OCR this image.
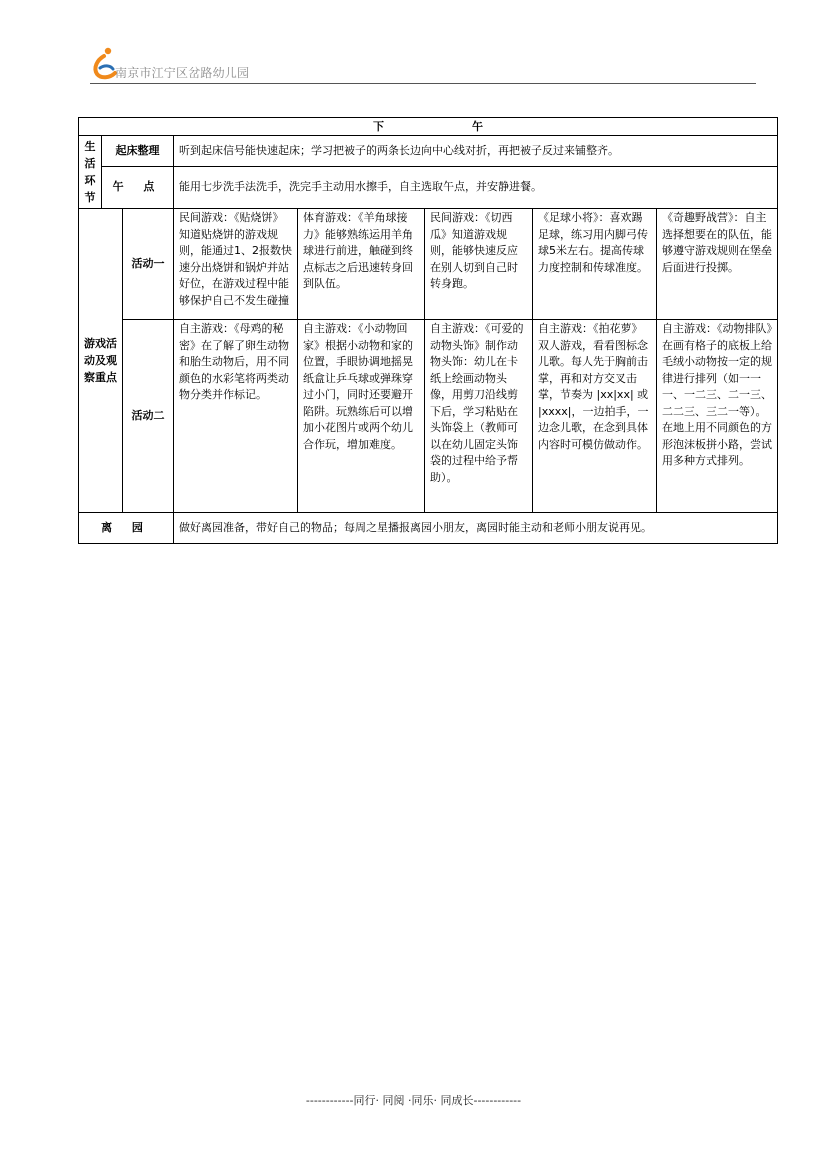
南京市江宁区岔路幼儿园
下午							
生活环节	起床整理		听到起床信号能快速起床；学习把被子的两条长边向中心线对折，再把被子反过来铺整齐。				
	午 点		能用七步洗手法洗手，洗完手主动用水擦手，自主选取午点，并安静进餐。				
游戏活动及观察重点		活动一	民间游戏：《贴烧饼》知道贴烧饼的游戏规则，能通过1、2报数快速分出烧饼和锅炉并站好位，在游戏过程中能够保护自己不发生碰撞	体育游戏：《羊角球接力》能够熟练运用羊角球进行前进，触碰到终点标志之后迅速转身回到队伍。	民间游戏：《切西瓜》知道游戏规则，能够快速反应在别人切到自己时转身跑。	《足球小将》：喜欢踢足球，练习用内脚弓传球5米左右。提高传球力度控制和传球准度。	《奇趣野战营》：自主选择想要在的队伍，能够遵守游戏规则在堡垒后面进行投掷。
		活动二	自主游戏：《母鸡的秘密》在了解了卵生动物和胎生动物后，用不同颜色的水彩笔将两类动物分类并作标记。	自主游戏：《小动物回家》根据小动物和家的位置，手眼协调地摇晃纸盒让乒乓球或弹珠穿过小门，同时还要避开陷阱。玩熟练后可以增加小花图片或两个幼儿合作玩，增加难度。	自主游戏：《可爱的动物头饰》制作动物头饰：幼儿在卡纸上绘画动物头像，用剪刀沿线剪下后，学习粘贴在头饰袋上（教师可以在幼儿固定头饰袋的过程中给予帮助）。	自主游戏：《拍花萝》双人游戏，看看图标念儿歌。每人先于胸前击掌，再和对方交叉击掌，节奏为 |xx|xx| 或 |xxxx|，一边拍手，一边念儿歌，在念到具体内容时可模仿做动作。	自主游戏：《动物排队》在画有格子的底板上给毛绒小动物按一定的规律进行排列（如一一一、一二三、二一三、二二三、三二一等）。在地上用不同颜色的方形泡沫板拼小路，尝试用多种方式排列。
离 园			做好离园准备，带好自己的物品；每周之星播报离园小朋友，离园时能主动和老师小朋友说再见。				
------------同行· 同阅 ·同乐· 同成长------------
